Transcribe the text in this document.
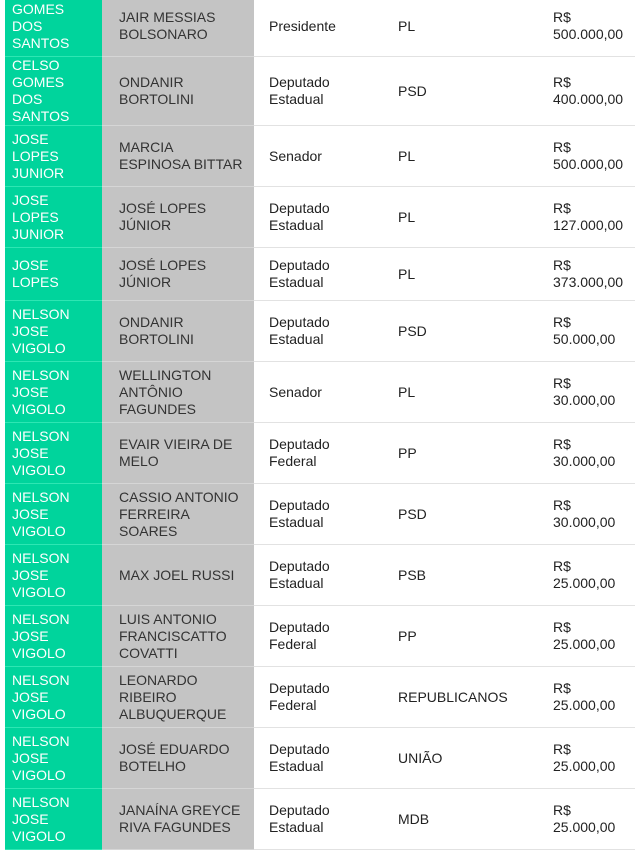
GOMES DOS SANTOS	JAIR MESSIAS BOLSONARO	Presidente	PL	R$ 500.000,00
CELSO GOMES DOS SANTOS	ONDANIR BORTOLINI	Deputado Estadual	PSD	R$ 400.000,00
JOSE LOPES JUNIOR	MARCIA ESPINOSA BITTAR	Senador	PL	R$ 500.000,00
JOSE LOPES JUNIOR	JOSÉ LOPES JÚNIOR	Deputado Estadual	PL	R$ 127.000,00
JOSE LOPES	JOSÉ LOPES JÚNIOR	Deputado Estadual	PL	R$ 373.000,00
NELSON JOSE VIGOLO	ONDANIR BORTOLINI	Deputado Estadual	PSD	R$ 50.000,00
NELSON JOSE VIGOLO	WELLINGTON ANTÔNIO FAGUNDES	Senador	PL	R$ 30.000,00
NELSON JOSE VIGOLO	EVAIR VIEIRA DE MELO	Deputado Federal	PP	R$ 30.000,00
NELSON JOSE VIGOLO	CASSIO ANTONIO FERREIRA SOARES	Deputado Estadual	PSD	R$ 30.000,00
NELSON JOSE VIGOLO	MAX JOEL RUSSI	Deputado Estadual	PSB	R$ 25.000,00
NELSON JOSE VIGOLO	LUIS ANTONIO FRANCISCATTO COVATTI	Deputado Federal	PP	R$ 25.000,00
NELSON JOSE VIGOLO	LEONARDO RIBEIRO ALBUQUERQUE	Deputado Federal	REPUBLICANOS	R$ 25.000,00
NELSON JOSE VIGOLO	JOSÉ EDUARDO BOTELHO	Deputado Estadual	UNIÃO	R$ 25.000,00
NELSON JOSE VIGOLO	JANAÍNA GREYCE RIVA FAGUNDES	Deputado Estadual	MDB	R$ 25.000,00
